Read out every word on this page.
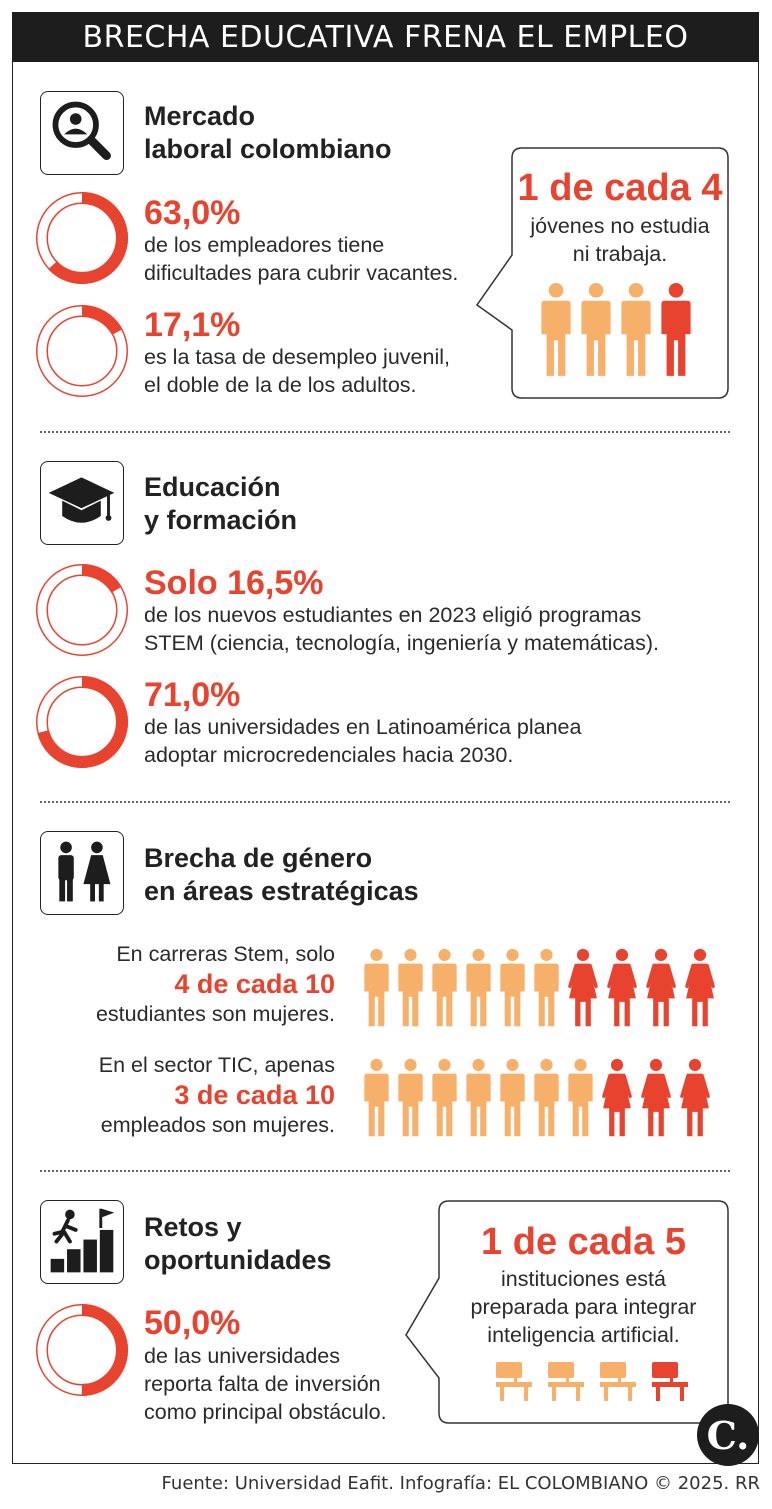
BRECHA EDUCATIVA FRENA EL EMPLEO
Mercado
laboral colombiano
63,0%
de los empleadores tiene
dificultades para cubrir vacantes.
17,1%
es la tasa de desempleo juvenil,
el doble de la de los adultos.
1 de cada 4
jóvenes no estudia
ni trabaja.
Educación
y formación
Solo 16,5%
de los nuevos estudiantes en 2023 eligió programas
STEM (ciencia, tecnología, ingeniería y matemáticas).
71,0%
de las universidades en Latinoamérica planea
adoptar microcredenciales hacia 2030.
Brecha de género
en áreas estratégicas
En carreras Stem, solo
4 de cada 10
estudiantes son mujeres.
En el sector TIC, apenas
3 de cada 10
empleados son mujeres.
Retos y
oportunidades
50,0%
de las universidades
reporta falta de inversión
como principal obstáculo.
1 de cada 5
instituciones está
preparada para integrar
inteligencia artificial.
C.
Fuente: Universidad Eafit. Infografía: EL COLOMBIANO © 2025. RR
